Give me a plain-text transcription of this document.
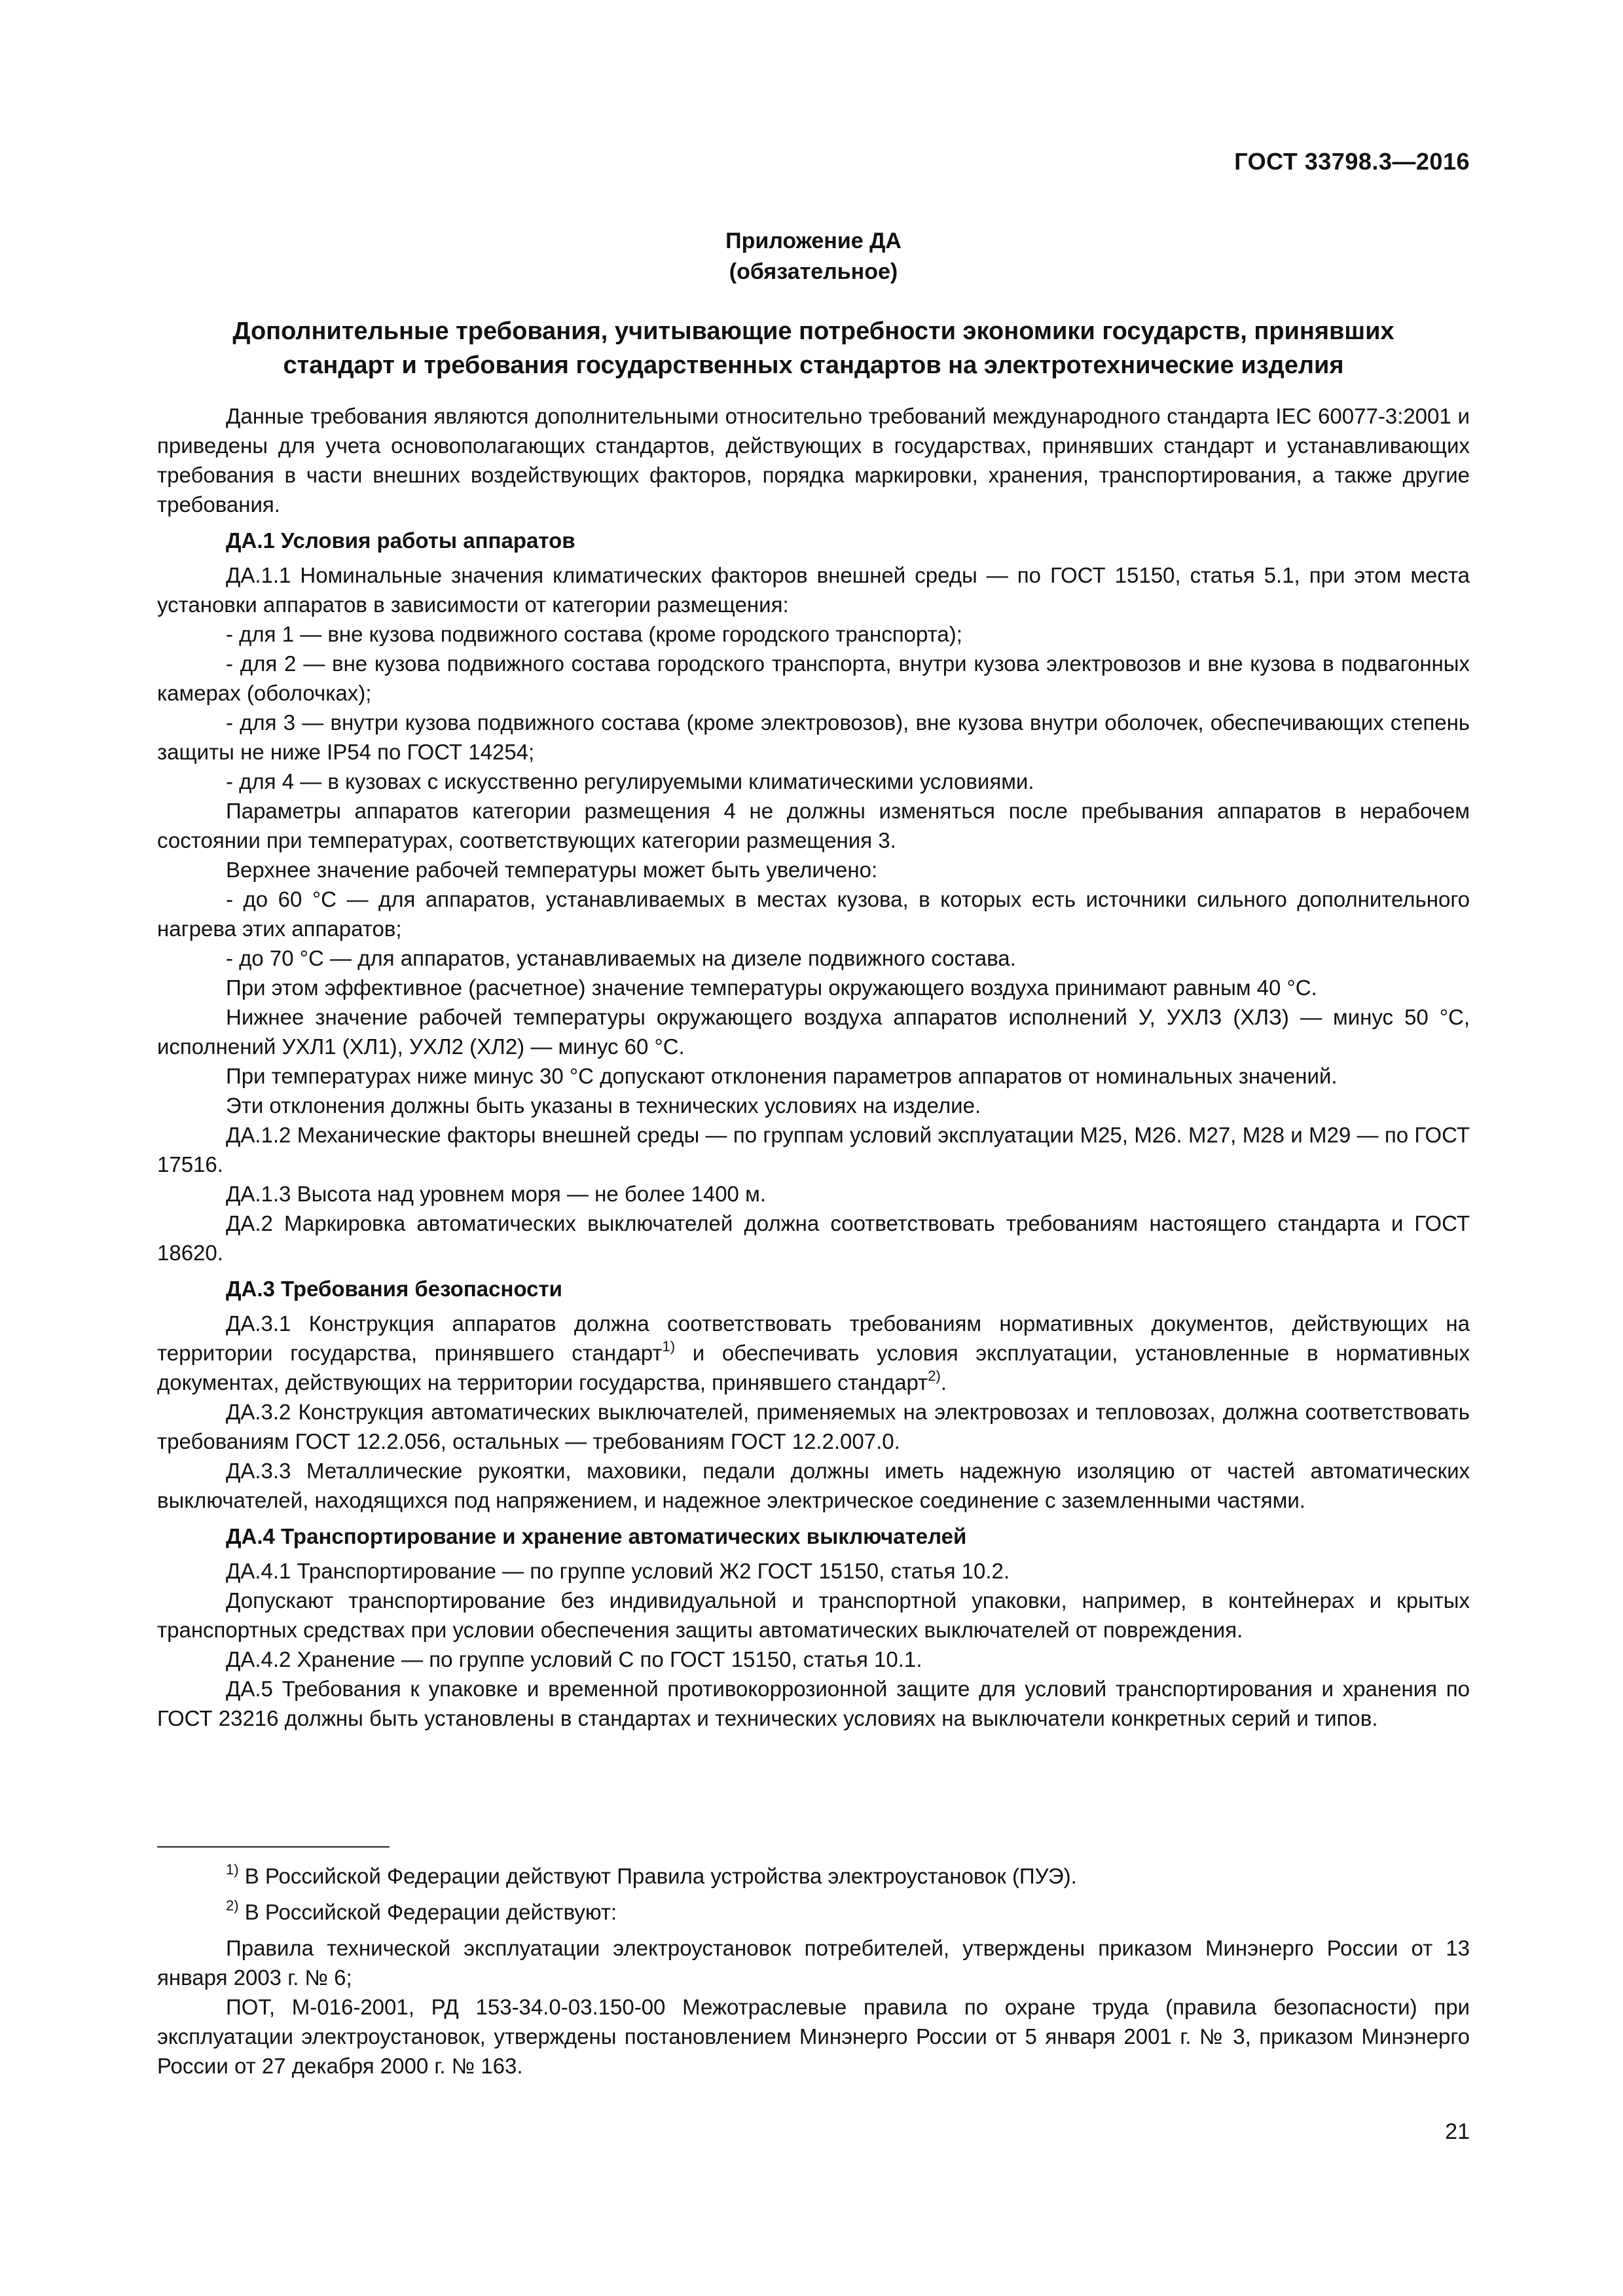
ГОСТ 33798.3—2016
Приложение ДА
(обязательное)
Дополнительные требования, учитывающие потребности экономики государств, принявших
стандарт и требования государственных стандартов на электротехнические изделия

Данные требования являются дополнительными относительно требований международного стандарта IEC 60077-3:2001 и приведены для учета основополагающих стандартов, действующих в государствах, принявших стандарт и устанавливающих требования в части внешних воздействующих факторов, порядка маркировки, хранения, транспортирования, а также другие требования.

ДА.1 Условия работы аппаратов

ДА.1.1 Номинальные значения климатических факторов внешней среды — по ГОСТ 15150, статья 5.1, при этом места установки аппаратов в зависимости от категории размещения:

- для 1 — вне кузова подвижного состава (кроме городского транспорта);

- для 2 — вне кузова подвижного состава городского транспорта, внутри кузова электровозов и вне кузова в подвагонных камерах (оболочках);

- для 3 — внутри кузова подвижного состава (кроме электровозов), вне кузова внутри оболочек, обеспечивающих степень защиты не ниже IP54 по ГОСТ 14254;

- для 4 — в кузовах с искусственно регулируемыми климатическими условиями.

Параметры аппаратов категории размещения 4 не должны изменяться после пребывания аппаратов в нерабочем состоянии при температурах, соответствующих категории размещения 3.

Верхнее значение рабочей температуры может быть увеличено:

- до 60 °С — для аппаратов, устанавливаемых в местах кузова, в которых есть источники сильного дополнительного нагрева этих аппаратов;

- до 70 °С — для аппаратов, устанавливаемых на дизеле подвижного состава.

При этом эффективное (расчетное) значение температуры окружающего воздуха принимают равным 40 °С.

Нижнее значение рабочей температуры окружающего воздуха аппаратов исполнений У, УХЛЗ (ХЛЗ) — минус 50 °С, исполнений УХЛ1 (ХЛ1), УХЛ2 (ХЛ2) — минус 60 °С.

При температурах ниже минус 30 °С допускают отклонения параметров аппаратов от номинальных значений.

Эти отклонения должны быть указаны в технических условиях на изделие.

ДА.1.2 Механические факторы внешней среды — по группам условий эксплуатации М25, М26. М27, М28 и М29 — по ГОСТ 17516.

ДА.1.3 Высота над уровнем моря — не более 1400 м.

ДА.2 Маркировка автоматических выключателей должна соответствовать требованиям настоящего стандарта и ГОСТ 18620.

ДА.3 Требования безопасности

ДА.3.1 Конструкция аппаратов должна соответствовать требованиям нормативных документов, действующих на территории государства, принявшего стандарт$^{1)}$ и обеспечивать условия эксплуатации, установленные в нормативных документах, действующих на территории государства, принявшего стандарт$^{2)}$.

ДА.3.2 Конструкция автоматических выключателей, применяемых на электровозах и тепловозах, должна соответствовать требованиям ГОСТ 12.2.056, остальных — требованиям ГОСТ 12.2.007.0.

ДА.3.3 Металлические рукоятки, маховики, педали должны иметь надежную изоляцию от частей автоматических выключателей, находящихся под напряжением, и надежное электрическое соединение с заземленными частями.

ДА.4 Транспортирование и хранение автоматических выключателей

ДА.4.1 Транспортирование — по группе условий Ж2 ГОСТ 15150, статья 10.2.

Допускают транспортирование без индивидуальной и транспортной упаковки, например, в контейнерах и крытых транспортных средствах при условии обеспечения защиты автоматических выключателей от повреждения.

ДА.4.2 Хранение — по группе условий С по ГОСТ 15150, статья 10.1.

ДА.5 Требования к упаковке и временной противокоррозионной защите для условий транспортирования и хранения по ГОСТ 23216 должны быть установлены в стандартах и технических условиях на выключатели конкретных серий и типов.

$^{1)}$ В Российской Федерации действуют Правила устройства электроустановок (ПУЭ).

$^{2)}$ В Российской Федерации действуют:

Правила технической эксплуатации электроустановок потребителей, утверждены приказом Минэнерго России от 13 января 2003 г. № 6;

ПОТ, М-016-2001, РД 153-34.0-03.150-00 Межотраслевые правила по охране труда (правила безопасности) при эксплуатации электроустановок, утверждены постановлением Минэнерго России от 5 января 2001 г. № 3, приказом Минэнерго России от 27 декабря 2000 г. № 163.

21
